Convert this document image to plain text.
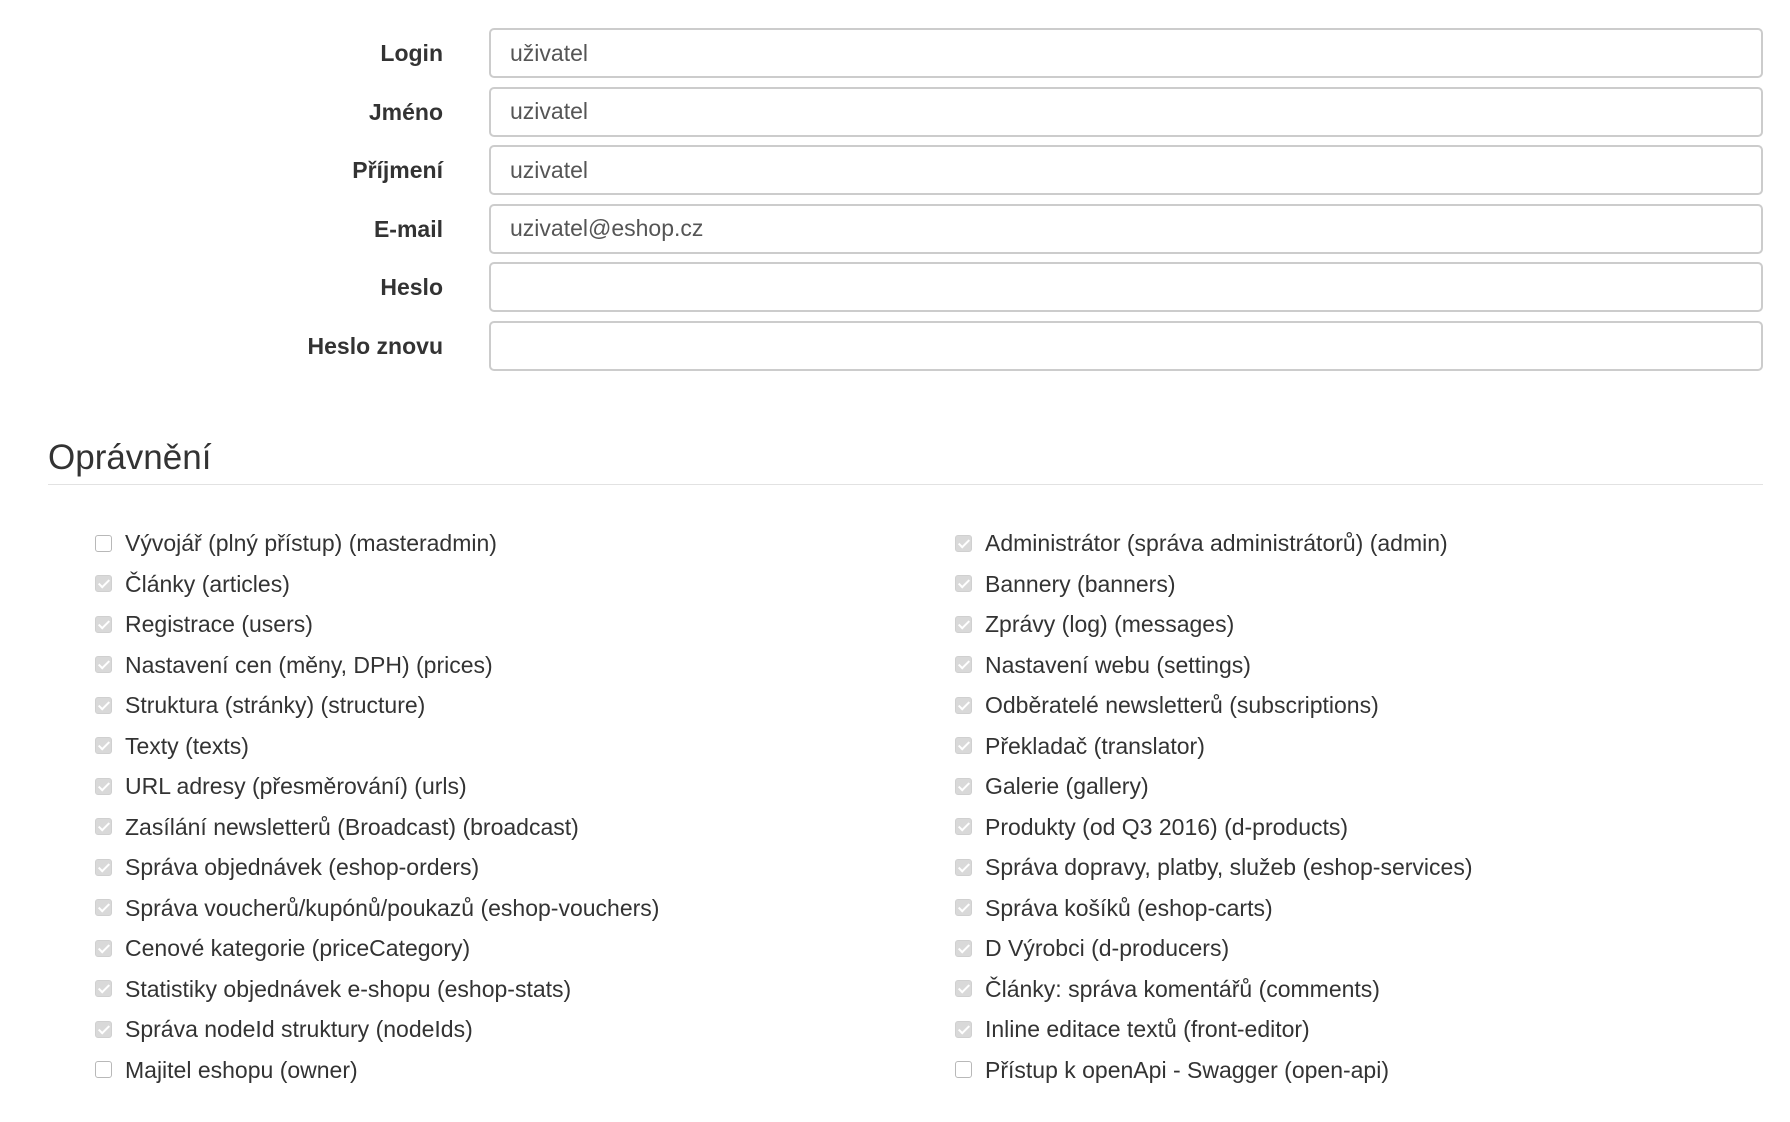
Login
uživatel
Jméno
uzivatel
Příjmení
uzivatel
E-mail
uzivatel@eshop.cz
Heslo
Heslo znovu
Oprávnění
Vývojář (plný přístup) (masteradmin)
Články (articles)
Registrace (users)
Nastavení cen (měny, DPH) (prices)
Struktura (stránky) (structure)
Texty (texts)
URL adresy (přesměrování) (urls)
Zasílání newsletterů (Broadcast) (broadcast)
Správa objednávek (eshop-orders)
Správa voucherů/kupónů/poukazů (eshop-vouchers)
Cenové kategorie (priceCategory)
Statistiky objednávek e-shopu (eshop-stats)
Správa nodeId struktury (nodeIds)
Majitel eshopu (owner)
Administrátor (správa administrátorů) (admin)
Bannery (banners)
Zprávy (log) (messages)
Nastavení webu (settings)
Odběratelé newsletterů (subscriptions)
Překladač (translator)
Galerie (gallery)
Produkty (od Q3 2016) (d-products)
Správa dopravy, platby, služeb (eshop-services)
Správa košíků (eshop-carts)
D Výrobci (d-producers)
Články: správa komentářů (comments)
Inline editace textů (front-editor)
Přístup k openApi - Swagger (open-api)
